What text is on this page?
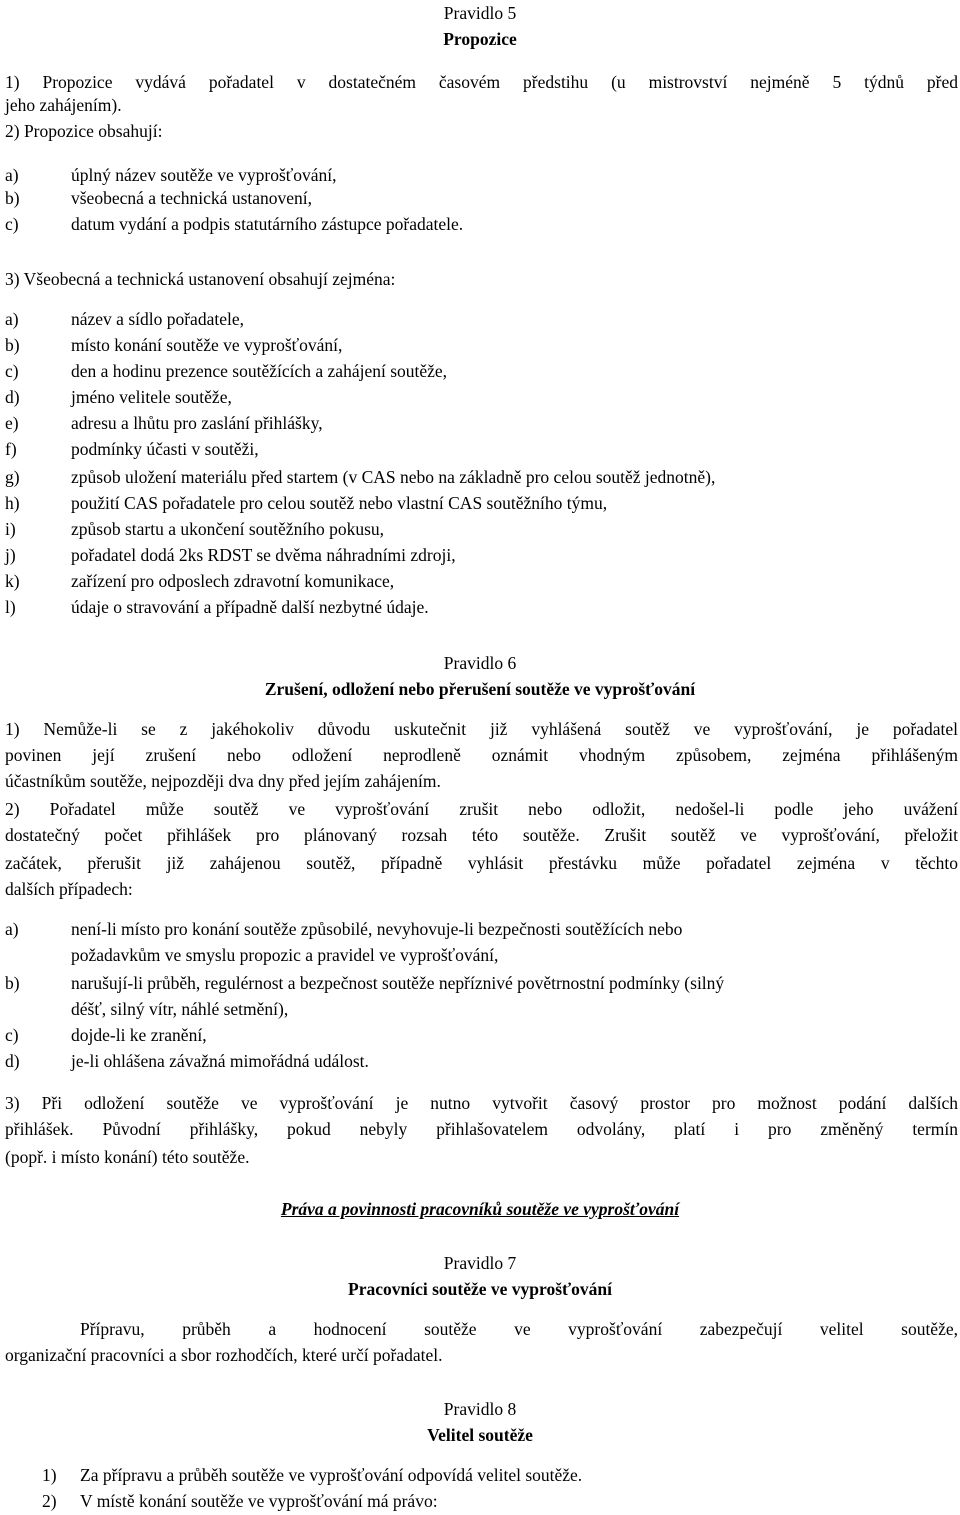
Pravidlo 5
Propozice
1) Propozice vydává pořadatel v dostatečném časovém předstihu (u mistrovství nejméně 5 týdnů před
jeho zahájením).
2) Propozice obsahují:
a)	úplný název soutěže ve vyprošťování,
b)	všeobecná a technická ustanovení,
c)	datum vydání a podpis statutárního zástupce pořadatele.
3) Všeobecná a technická ustanovení obsahují zejména:
a)	název a sídlo pořadatele,
b)	místo konání soutěže ve vyprošťování,
c)	den a hodinu prezence soutěžících a zahájení soutěže,
d)	jméno velitele soutěže,
e)	adresu a lhůtu pro zaslání přihlášky,
f)	podmínky účasti v soutěži,
g)	způsob uložení materiálu před startem (v CAS nebo na základně pro celou soutěž jednotně),
h)	použití CAS pořadatele pro celou soutěž nebo vlastní CAS soutěžního týmu,
i)	způsob startu a ukončení soutěžního pokusu,
j)	pořadatel dodá 2ks RDST se dvěma náhradními zdroji,
k)	zařízení pro odposlech zdravotní komunikace,
l)	údaje o stravování a případně další nezbytné údaje.
Pravidlo 6
Zrušení, odložení nebo přerušení soutěže ve vyprošťování
1) Nemůže-li se z jakéhokoliv důvodu uskutečnit již vyhlášená soutěž ve vyprošťování, je pořadatel
povinen její zrušení nebo odložení neprodleně oznámit vhodným způsobem, zejména přihlášeným
účastníkům soutěže, nejpozději dva dny před jejím zahájením.
2) Pořadatel může soutěž ve vyprošťování zrušit nebo odložit, nedošel-li podle jeho uvážení
dostatečný počet přihlášek pro plánovaný rozsah této soutěže. Zrušit soutěž ve vyprošťování, přeložit
začátek, přerušit již zahájenou soutěž, případně vyhlásit přestávku může pořadatel zejména v těchto
dalších případech:
a)	není-li místo pro konání soutěže způsobilé, nevyhovuje-li bezpečnosti soutěžících nebo
požadavkům ve smyslu propozic a pravidel ve vyprošťování,
b)	narušují-li průběh, regulérnost a bezpečnost soutěže nepříznivé povětrnostní podmínky (silný
déšť, silný vítr, náhlé setmění),
c)	dojde-li ke zranění,
d)	je-li ohlášena závažná mimořádná událost.
3) Při odložení soutěže ve vyprošťování je nutno vytvořit časový prostor pro možnost podání dalších
přihlášek. Původní přihlášky, pokud nebyly přihlašovatelem odvolány, platí i pro změněný termín
(popř. i místo konání) této soutěže.
Práva a povinnosti pracovníků soutěže ve vyprošťování
Pravidlo 7
Pracovníci soutěže ve vyprošťování
Přípravu, průběh a hodnocení soutěže ve vyprošťování zabezpečují velitel soutěže,
organizační pracovníci a sbor rozhodčích, které určí pořadatel.
Pravidlo 8
Velitel soutěže
1) Za přípravu a průběh soutěže ve vyprošťování odpovídá velitel soutěže.
2) V místě konání soutěže ve vyprošťování má právo:
